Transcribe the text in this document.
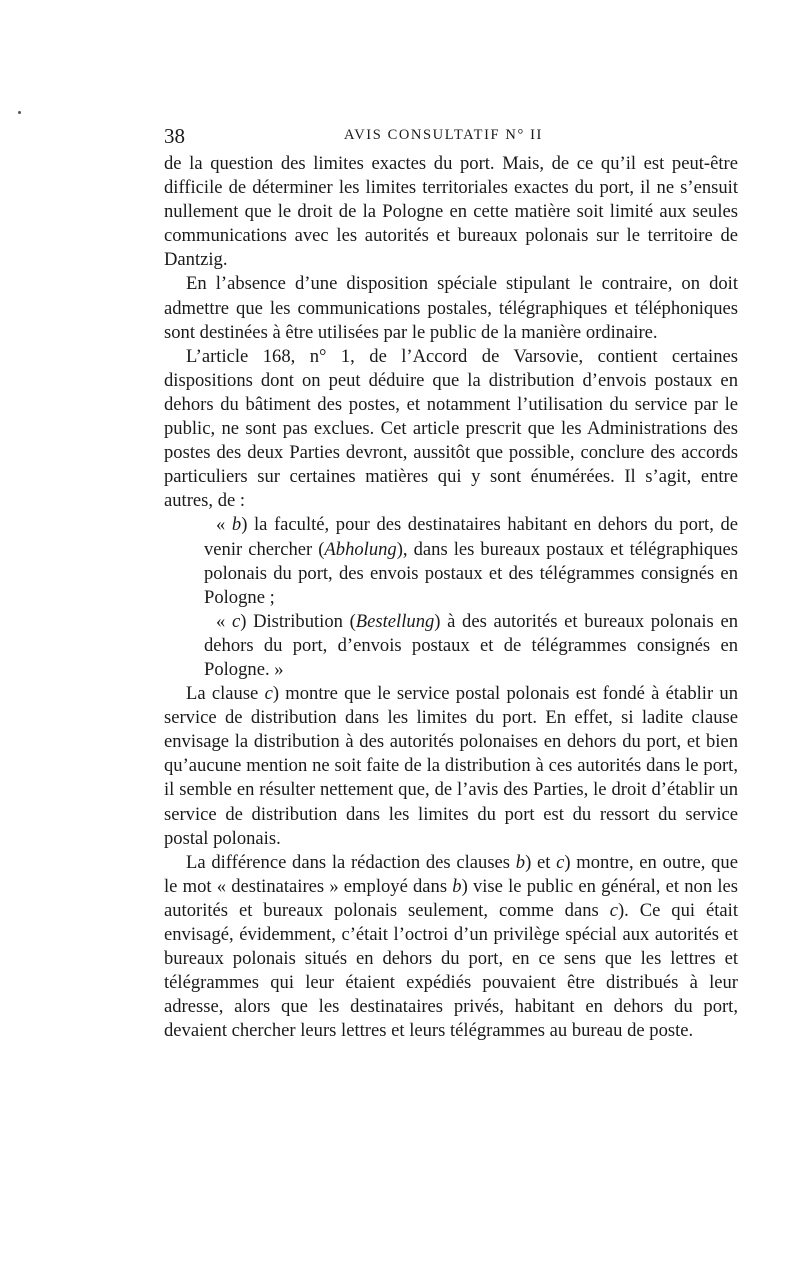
38	AVIS CONSULTATIF N° II

de la question des limites exactes du port. Mais, de ce qu’il est peut-être difficile de déterminer les limites territoriales exactes du port, il ne s’ensuit nullement que le droit de la Pologne en cette matière soit limité aux seules communications avec les autorités et bureaux polonais sur le territoire de Dantzig.

En l’absence d’une disposition spéciale stipulant le contraire, on doit admettre que les communications postales, télégraphiques et téléphoniques sont destinées à être utilisées par le public de la manière ordinaire.

L’article 168, n° 1, de l’Accord de Varsovie, contient certaines dispositions dont on peut déduire que la distribution d’envois postaux en dehors du bâtiment des postes, et notamment l’utilisation du service par le public, ne sont pas exclues. Cet article prescrit que les Administrations des postes des deux Parties devront, aussitôt que possible, conclure des accords particuliers sur certaines matières qui y sont énumérées. Il s’agit, entre autres, de :

« b) la faculté, pour des destinataires habitant en dehors du port, de venir chercher (Abholung), dans les bureaux postaux et télégraphiques polonais du port, des envois postaux et des télégrammes consignés en Pologne ;

« c) Distribution (Bestellung) à des autorités et bureaux polonais en dehors du port, d’envois postaux et de télégrammes consignés en Pologne. »

La clause c) montre que le service postal polonais est fondé à établir un service de distribution dans les limites du port. En effet, si ladite clause envisage la distribution à des autorités polonaises en dehors du port, et bien qu’aucune mention ne soit faite de la distribution à ces autorités dans le port, il semble en résulter nettement que, de l’avis des Parties, le droit d’établir un service de distribution dans les limites du port est du ressort du service postal polonais.

La différence dans la rédaction des clauses b) et c) montre, en outre, que le mot « destinataires » employé dans b) vise le public en général, et non les autorités et bureaux polonais seulement, comme dans c). Ce qui était envisagé, évidemment, c’était l’octroi d’un privilège spécial aux autorités et bureaux polonais situés en dehors du port, en ce sens que les lettres et télégrammes qui leur étaient expédiés pouvaient être distribués à leur adresse, alors que les destinataires privés, habitant en dehors du port, devaient chercher leurs lettres et leurs télégrammes au bureau de poste.
